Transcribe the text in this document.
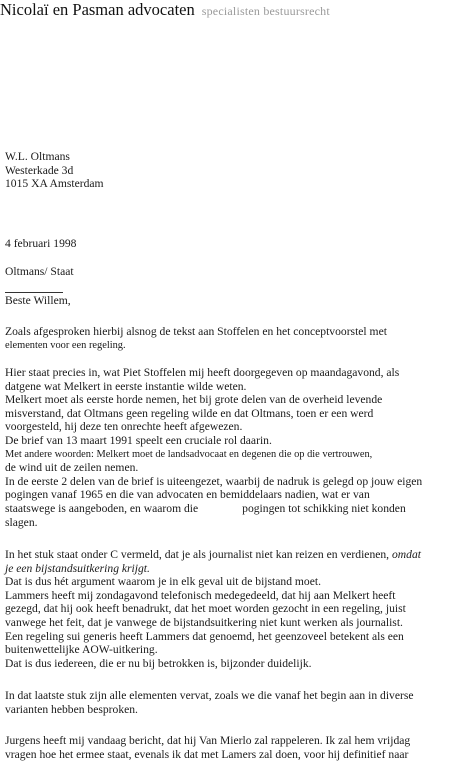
Nicolaï en Pasman advocaten specialisten bestuursrecht
W.L. Oltmans
Westerkade 3d
1015 XA Amsterdam
4 februari 1998
Oltmans/ Staat
Beste Willem,
Zoals afgesproken hierbij alsnog de tekst aan Stoffelen en het conceptvoorstel met
elementen voor een regeling.
Hier staat precies in, wat Piet Stoffelen mij heeft doorgegeven op maandagavond, als
datgene wat Melkert in eerste instantie wilde weten.
Melkert moet als eerste horde nemen, het bij grote delen van de overheid levende
misverstand, dat Oltmans geen regeling wilde en dat Oltmans, toen er een werd
voorgesteld, hij deze ten onrechte heeft afgewezen.
De brief van 13 maart 1991 speelt een cruciale rol daarin.
Met andere woorden: Melkert moet de landsadvocaat en degenen die op die vertrouwen,
de wind uit de zeilen nemen.
In de eerste 2 delen van de brief is uiteengezet, waarbij de nadruk is gelegd op jouw eigen
pogingen vanaf 1965 en die van advocaten en bemiddelaars nadien, wat er van
staatswege is aangeboden, en waarom die	pogingen tot schikking niet konden
slagen.
In het stuk staat onder C vermeld, dat je als journalist niet kan reizen en verdienen, omdat
je een bijstandsuitkering krijgt.
Dat is dus hét argument waarom je in elk geval uit de bijstand moet.
Lammers heeft mij zondagavond telefonisch medegedeeld, dat hij aan Melkert heeft
gezegd, dat hij ook heeft benadrukt, dat het moet worden gezocht in een regeling, juist
vanwege het feit, dat je vanwege de bijstandsuitkering niet kunt werken als journalist.
Een regeling sui generis heeft Lammers dat genoemd, het geenzoveel betekent als een
buitenwettelijke AOW-uitkering.
Dat is dus iedereen, die er nu bij betrokken is, bijzonder duidelijk.
In dat laatste stuk zijn alle elementen vervat, zoals we die vanaf het begin aan in diverse
varianten hebben besproken.
Jurgens heeft mij vandaag bericht, dat hij Van Mierlo zal rappeleren. Ik zal hem vrijdag
vragen hoe het ermee staat, evenals ik dat met Lamers zal doen, voor hij definitief naar
